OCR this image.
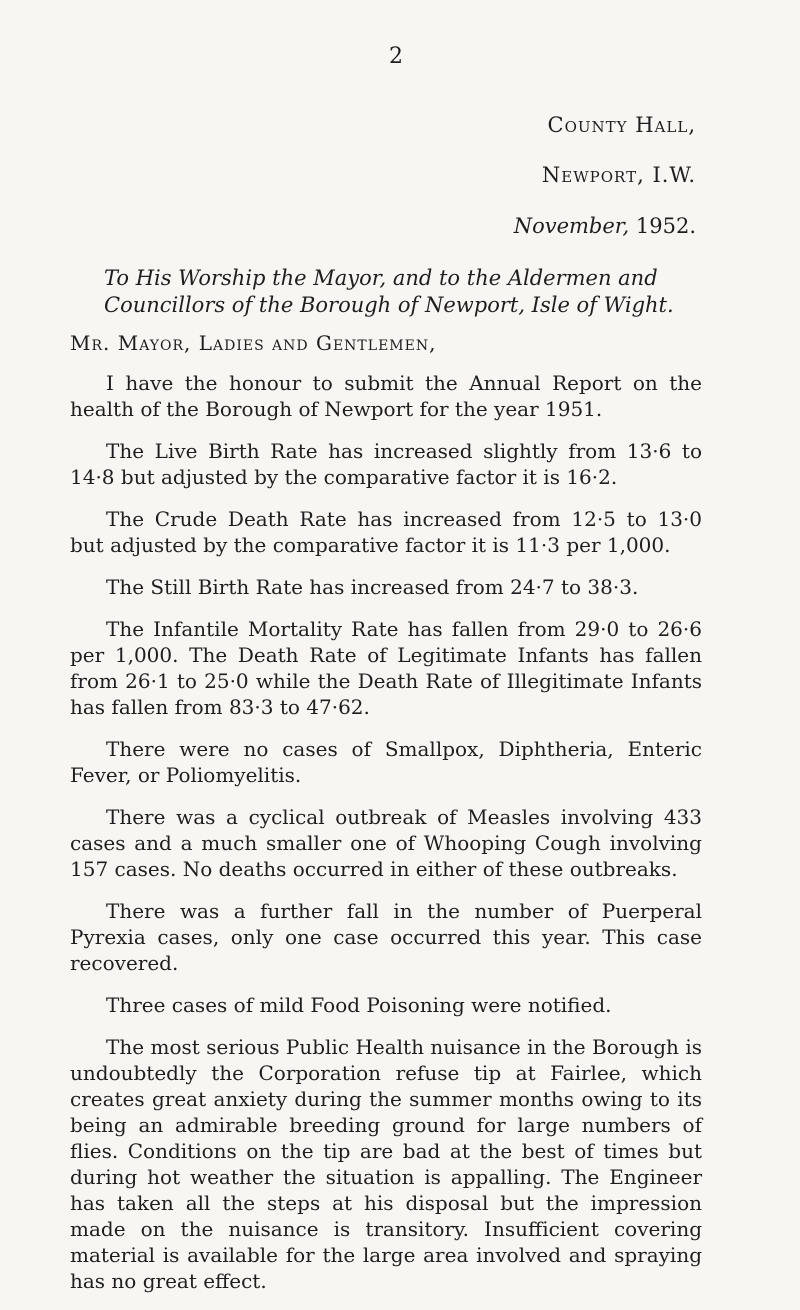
2
County Hall,
Newport, I.W.
November, 1952.
To His Worship the Mayor, and to the Aldermen and Councillors of the Borough of Newport, Isle of Wight.
Mr. Mayor, Ladies and Gentlemen,

I have the honour to submit the Annual Report on the health of the Borough of Newport for the year 1951.

The Live Birth Rate has increased slightly from 13·6 to 14·8 but adjusted by the comparative factor it is 16·2.

The Crude Death Rate has increased from 12·5 to 13·0 but adjusted by the comparative factor it is 11·3 per 1,000.

The Still Birth Rate has increased from 24·7 to 38·3.

The Infantile Mortality Rate has fallen from 29·0 to 26·6 per 1,000. The Death Rate of Legitimate Infants has fallen from 26·1 to 25·0 while the Death Rate of Illegitimate Infants has fallen from 83·3 to 47·62.

There were no cases of Smallpox, Diphtheria, Enteric Fever, or Poliomyelitis.

There was a cyclical outbreak of Measles involving 433 cases and a much smaller one of Whooping Cough involving 157 cases. No deaths occurred in either of these outbreaks.

There was a further fall in the number of Puerperal Pyrexia cases, only one case occurred this year. This case recovered.

Three cases of mild Food Poisoning were notified.

The most serious Public Health nuisance in the Borough is undoubtedly the Corporation refuse tip at Fairlee, which creates great anxiety during the summer months owing to its being an admirable breeding ground for large numbers of flies. Conditions on the tip are bad at the best of times but during hot weather the situation is appalling. The Engineer has taken all the steps at his disposal but the impression made on the nuisance is transitory. Insufficient covering material is available for the large area involved and spraying has no great effect.
